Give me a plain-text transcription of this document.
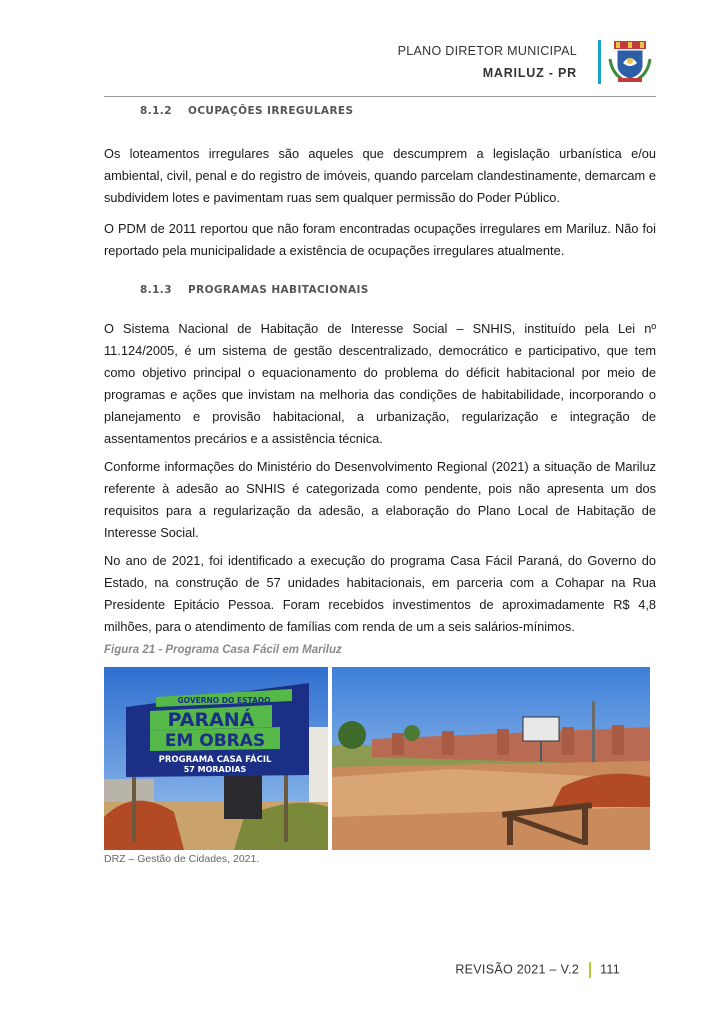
PLANO DIRETOR MUNICIPAL
MARILUZ - PR
8.1.2 OCUPAÇÕES IRREGULARES

Os loteamentos irregulares são aqueles que descumprem a legislação urbanística e/ou ambiental, civil, penal e do registro de imóveis, quando parcelam clandestinamente, demarcam e subdividem lotes e pavimentam ruas sem qualquer permissão do Poder Público.

O PDM de 2011 reportou que não foram encontradas ocupações irregulares em Mariluz. Não foi reportado pela municipalidade a existência de ocupações irregulares atualmente.

8.1.3 PROGRAMAS HABITACIONAIS

O Sistema Nacional de Habitação de Interesse Social – SNHIS, instituído pela Lei nº 11.124/2005, é um sistema de gestão descentralizado, democrático e participativo, que tem como objetivo principal o equacionamento do problema do déficit habitacional por meio de programas e ações que invistam na melhoria das condições de habitabilidade, incorporando o planejamento e provisão habitacional, a urbanização, regularização e integração de assentamentos precários e a assistência técnica.

Conforme informações do Ministério do Desenvolvimento Regional (2021) a situação de Mariluz referente à adesão ao SNHIS é categorizada como pendente, pois não apresenta um dos requisitos para a regularização da adesão, a elaboração do Plano Local de Habitação de Interesse Social.

No ano de 2021, foi identificado a execução do programa Casa Fácil Paraná, do Governo do Estado, na construção de 57 unidades habitacionais, em parceria com a Cohapar na Rua Presidente Epitácio Pessoa. Foram recebidos investimentos de aproximadamente R$ 4,8 milhões, para o atendimento de famílias com renda de um a seis salários-mínimos.

Figura 21 - Programa Casa Fácil em Mariluz
GOVERNO DO ESTADO
PARANÁ
EM OBRAS
PROGRAMA CASA FÁCIL
57 MORADIAS
DRZ – Gestão de Cidades, 2021.
REVISÃO 2021 – V.2 111
